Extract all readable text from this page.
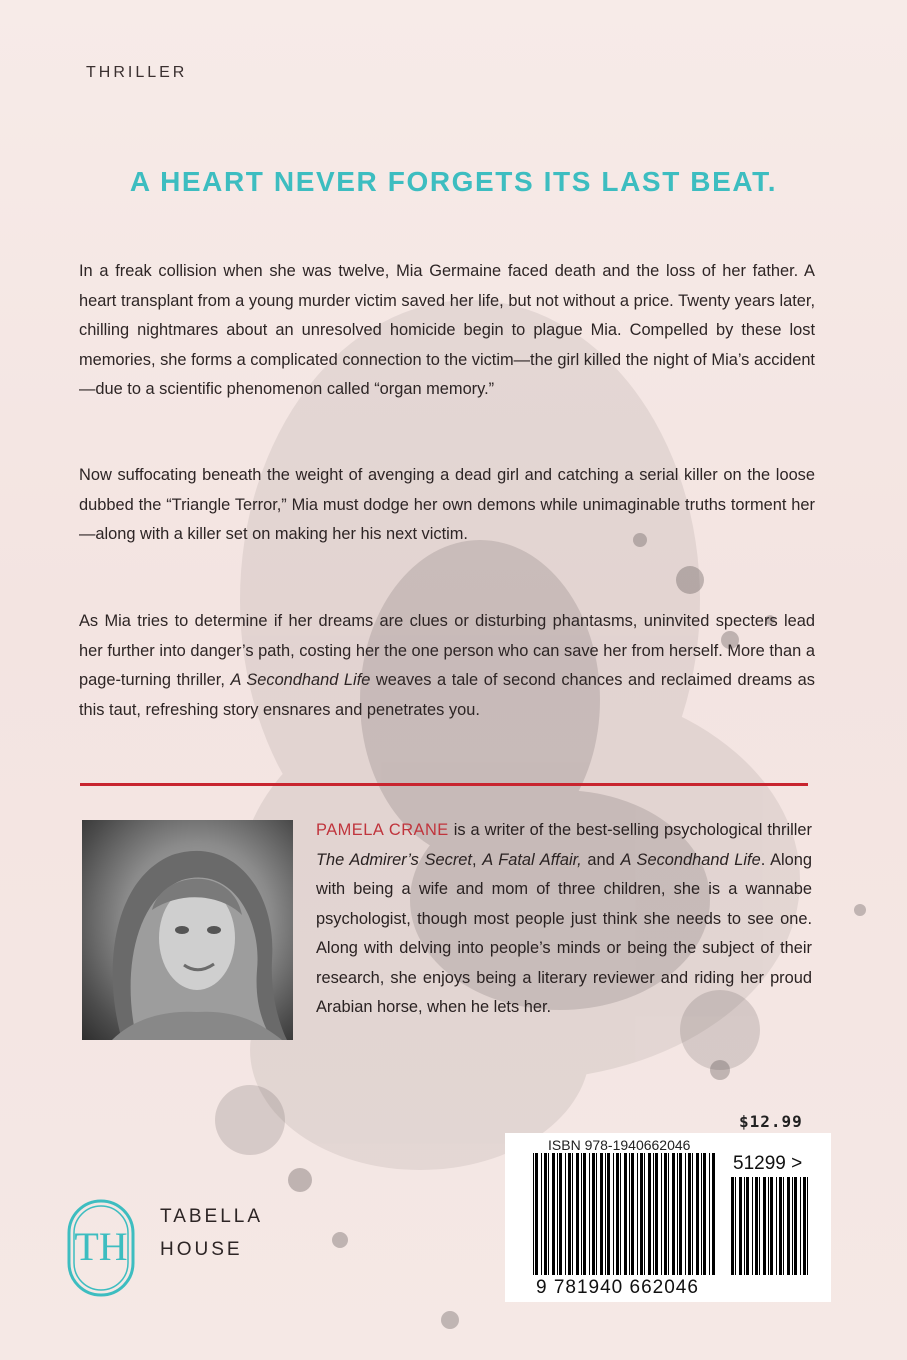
THRILLER
A HEART NEVER FORGETS ITS LAST BEAT.

In a freak collision when she was twelve, Mia Germaine faced death and the loss of her father. A heart transplant from a young murder victim saved her life, but not without a price. Twenty years later, chilling nightmares about an unresolved homicide begin to plague Mia. Compelled by these lost memories, she forms a complicated connection to the victim—the girl killed the night of Mia’s accident—due to a scientific phenomenon called “organ memory.”

Now suffocating beneath the weight of avenging a dead girl and catching a serial killer on the loose dubbed the “Triangle Terror,” Mia must dodge her own demons while unimaginable truths torment her—along with a killer set on making her his next victim.

As Mia tries to determine if her dreams are clues or disturbing phantasms, uninvited specters lead her further into danger’s path, costing her the one person who can save her from herself. More than a page-turning thriller, A Secondhand Life weaves a tale of second chances and reclaimed dreams as this taut, refreshing story ensnares and penetrates you.

PAMELA CRANE is a writer of the best-selling psychological thriller The Admirer’s Secret, A Fatal Affair, and A Secondhand Life. Along with being a wife and mom of three children, she is a wannabe psychologist, though most people just think she needs to see one. Along with delving into people’s minds or being the subject of their research, she enjoys being a literary reviewer and riding her proud Arabian horse, when he lets her.

$12.99
ISBN 978-1940662046
51299 >
9 781940 662046
TH
TABELLA
HOUSE
